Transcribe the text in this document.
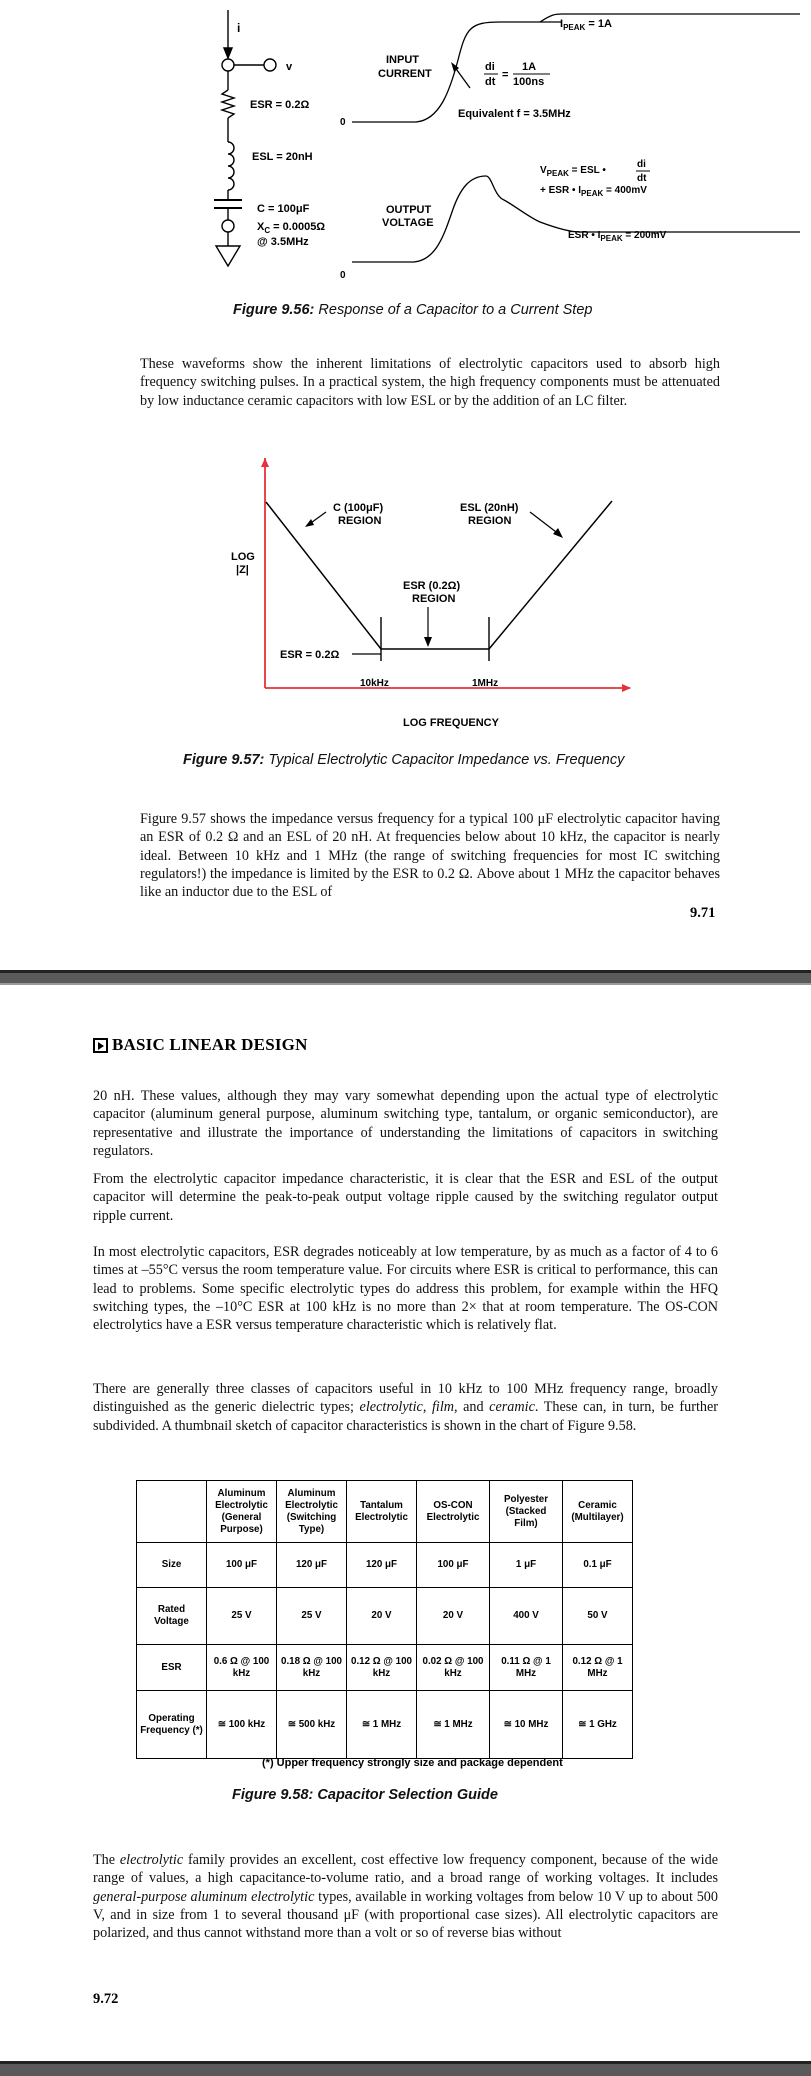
i
v
ESR = 0.2Ω
ESL = 20nH
C = 100μF
$X_C = 0.0005\Omega$
@ 3.5MHz
0
INPUT
CURRENT
$I_{PEAK} = 1A$
di
dt
=
1A
100ns
Equivalent f = 3.5MHz
0
OUTPUT
VOLTAGE
$V_{PEAK}$ = ESL •
di
dt
+ ESR • $I_{PEAK} = 400mV$
ESR • $I_{PEAK} = 200mV$
Figure 9.56: Response of a Capacitor to a Current Step
These waveforms show the inherent limitations of electrolytic capacitors used to absorb high frequency switching pulses. In a practical system, the high frequency components must be attenuated by low inductance ceramic capacitors with low ESL or by the addition of an LC filter.
C (100μF)
REGION
ESL (20nH)
REGION
LOG
|Z|
ESR (0.2Ω)
REGION
ESR = 0.2Ω
10kHz	1MHz
LOG FREQUENCY
Figure 9.57: Typical Electrolytic Capacitor Impedance vs. Frequency
Figure 9.57 shows the impedance versus frequency for a typical 100 μF electrolytic capacitor having an ESR of 0.2 Ω and an ESL of 20 nH. At frequencies below about 10 kHz, the capacitor is nearly ideal. Between 10 kHz and 1 MHz (the range of switching frequencies for most IC switching regulators!) the impedance is limited by the ESR to 0.2 Ω. Above about 1 MHz the capacitor behaves like an inductor due to the ESL of
9.71
BASIC LINEAR DESIGN
20 nH. These values, although they may vary somewhat depending upon the actual type of electrolytic capacitor (aluminum general purpose, aluminum switching type, tantalum, or organic semiconductor), are representative and illustrate the importance of understanding the limitations of capacitors in switching regulators.
From the electrolytic capacitor impedance characteristic, it is clear that the ESR and ESL of the output capacitor will determine the peak-to-peak output voltage ripple caused by the switching regulator output ripple current.
In most electrolytic capacitors, ESR degrades noticeably at low temperature, by as much as a factor of 4 to 6 times at –55°C versus the room temperature value. For circuits where ESR is critical to performance, this can lead to problems. Some specific electrolytic types do address this problem, for example within the HFQ switching types, the –10°C ESR at 100 kHz is no more than 2× that at room temperature. The OS-CON electrolytics have a ESR versus temperature characteristic which is relatively flat.
There are generally three classes of capacitors useful in 10 kHz to 100 MHz frequency range, broadly distinguished as the generic dielectric types; electrolytic, film, and ceramic. These can, in turn, be further subdivided. A thumbnail sketch of capacitor characteristics is shown in the chart of Figure 9.58.
	Aluminum Electrolytic (General Purpose)	Aluminum Electrolytic (Switching Type)	Tantalum Electrolytic	OS-CON Electrolytic	Polyester (Stacked Film)	Ceramic (Multilayer)
Size	100 μF	120 μF	120 μF	100 μF	1 μF	0.1 μF
Rated Voltage	25 V	25 V	20 V	20 V	400 V	50 V
ESR	0.6 Ω @ 100 kHz	0.18 Ω @ 100 kHz	0.12 Ω @ 100 kHz	0.02 Ω @ 100 kHz	0.11 Ω @ 1 MHz	0.12 Ω @ 1 MHz
Operating Frequency (*)	≅ 100 kHz	≅ 500 kHz	≅ 1 MHz	≅ 1 MHz	≅ 10 MHz	≅ 1 GHz
(*) Upper frequency strongly size and package dependent
Figure 9.58: Capacitor Selection Guide
The electrolytic family provides an excellent, cost effective low frequency component, because of the wide range of values, a high capacitance-to-volume ratio, and a broad range of working voltages. It includes general-purpose aluminum electrolytic types, available in working voltages from below 10 V up to about 500 V, and in size from 1 to several thousand μF (with proportional case sizes). All electrolytic capacitors are polarized, and thus cannot withstand more than a volt or so of reverse bias without
9.72
